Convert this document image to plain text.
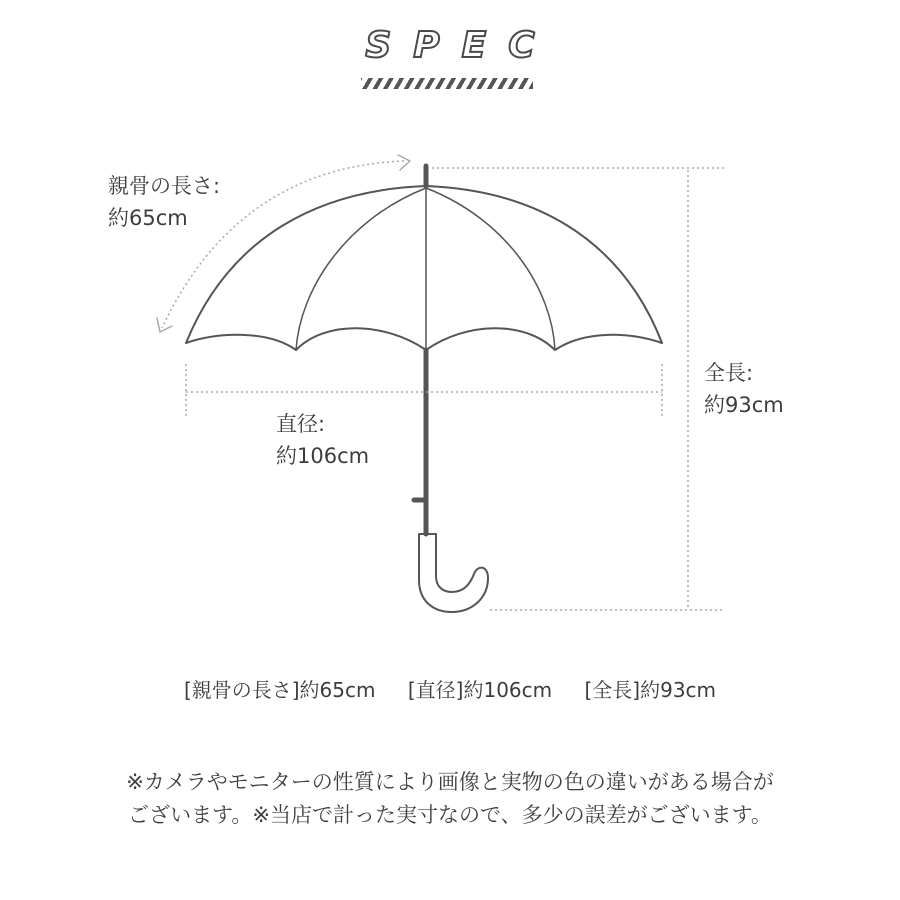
SPEC
親骨の長さ:
約65cm
直径:
約106cm
全長:
約93cm
[親骨の長さ]約65cm [直径]約106cm [全長]約93cm
※カメラやモニターの性質により画像と実物の色の違いがある場合が
ございます。※当店で計った実寸なので、多少の誤差がございます。
